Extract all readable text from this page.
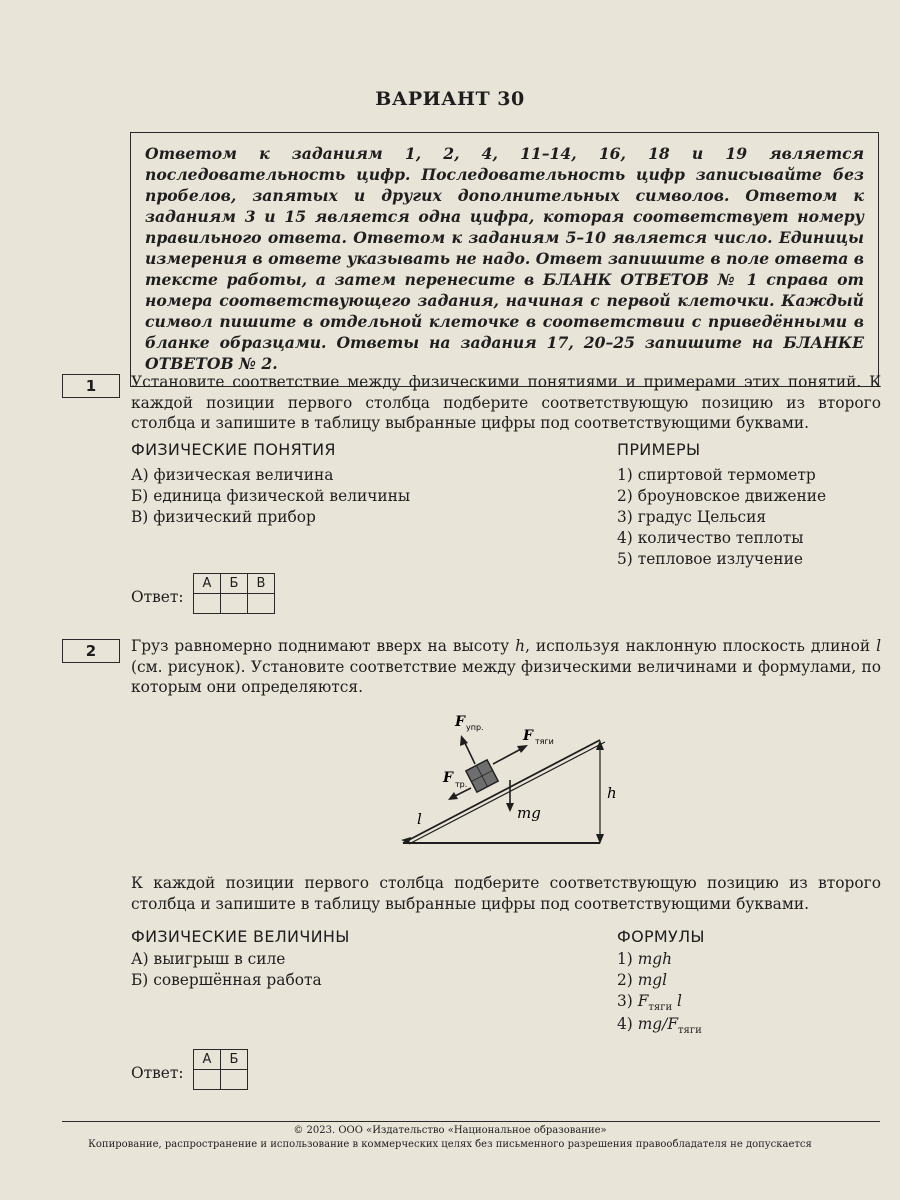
ВАРИАНТ 30
Ответом к заданиям 1, 2, 4, 11–14, 16, 18 и 19 является последовательность цифр. Последовательность цифр записывайте без пробелов, запятых и других дополнительных символов. Ответом к заданиям 3 и 15 является одна цифра, которая соответствует номеру правильного ответа. Ответом к заданиям 5–10 является число. Единицы измерения в ответе указывать не надо. Ответ запишите в поле ответа в тексте работы, а затем перенесите в БЛАНК ОТВЕТОВ № 1 справа от номера соответствующего задания, начиная с первой клеточки. Каждый символ пишите в отдельной клеточке в соответствии с приведёнными в бланке образцами. Ответы на задания 17, 20–25 запишите на БЛАНКЕ ОТВЕТОВ № 2.
1	Установите соответствие между физическими понятиями и примерами этих понятий. К каждой позиции первого столбца подберите соответствующую позицию из второго столбца и запишите в таблицу выбранные цифры под соответствующими буквами.
ФИЗИЧЕСКИЕ ПОНЯТИЯ
А) физическая величина
Б) единица физической величины
В) физический прибор
ПРИМЕРЫ
1) спиртовой термометр
2) броуновское движение
3) градус Цельсия
4) количество теплоты
5) тепловое излучение
Ответ:
А	Б	В

2	Груз равномерно поднимают вверх на высоту h, используя наклонную плоскость длиной l (см. рисунок). Установите соответствие между физическими величинами и формулами, по которым они определяются.
h
l
F упр.
F тяги
F тр.
mg
К каждой позиции первого столбца подберите соответствующую позицию из второго столбца и запишите в таблицу выбранные цифры под соответствующими буквами.
ФИЗИЧЕСКИЕ ВЕЛИЧИНЫ
А) выигрыш в силе
Б) совершённая работа
ФОРМУЛЫ
1) mgh
2) mgl
3) $F_{тяги}$ l
4) $mg/F_{тяги}$
Ответ:
А	Б

© 2023. ООО «Издательство «Национальное образование»
Копирование, распространение и использование в коммерческих целях без письменного разрешения правообладателя не допускается
